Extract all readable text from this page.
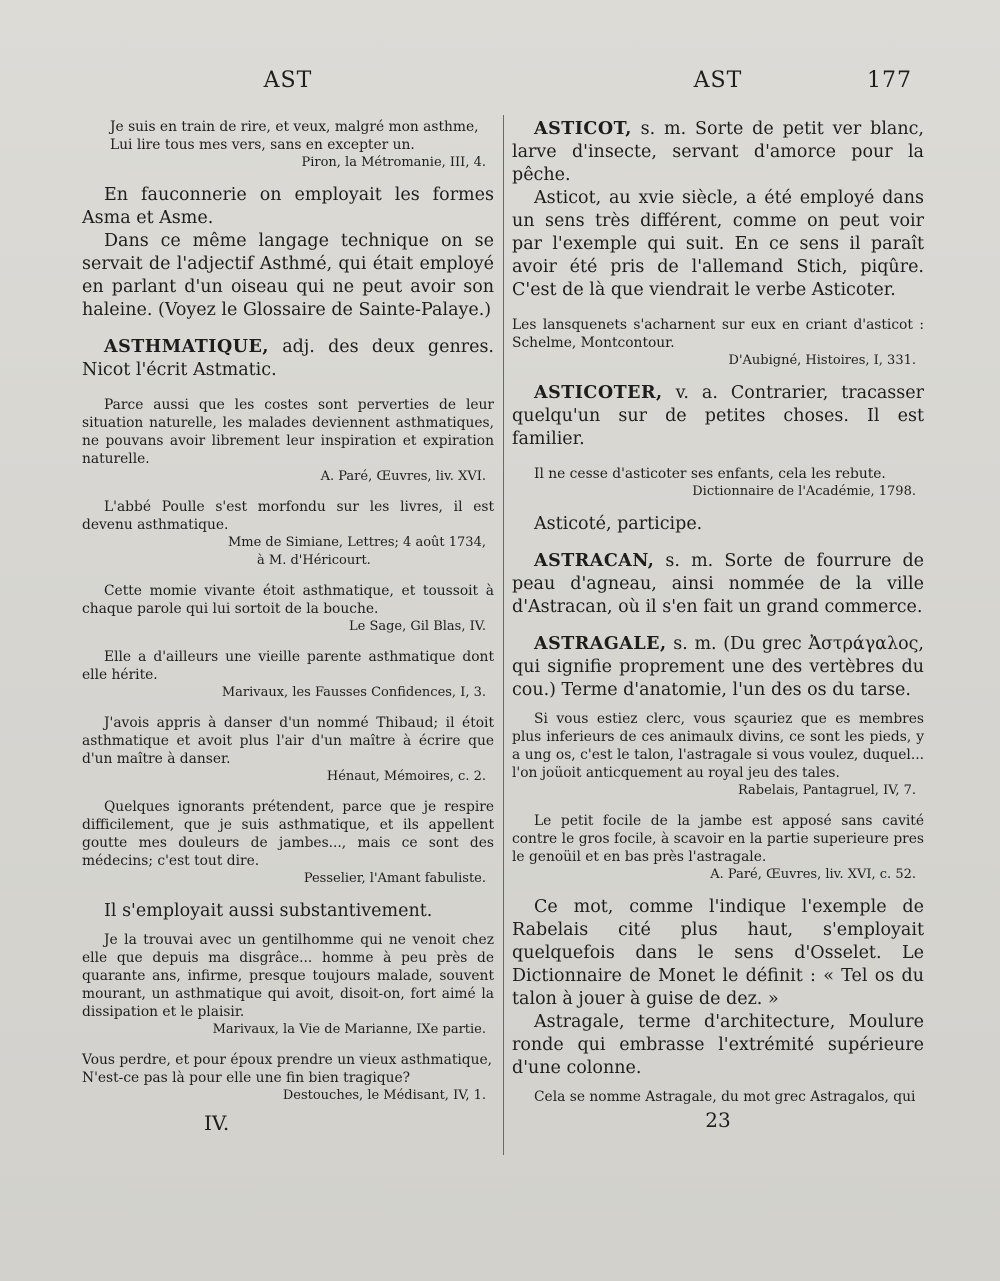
AST

Je suis en train de rire, et veux, malgré mon asthme,

Lui lire tous mes vers, sans en excepter un.

Piron, la Métromanie, III, 4.

En fauconnerie on employait les formes Asma et Asme.

Dans ce même langage technique on se servait de l'adjectif Asthmé, qui était employé en parlant d'un oiseau qui ne peut avoir son haleine. (Voyez le Glossaire de Sainte-Palaye.)

ASTHMATIQUE, adj. des deux genres. Nicot l'écrit Astmatic.

Parce aussi que les costes sont perverties de leur situation naturelle, les malades deviennent asthmatiques, ne pouvans avoir librement leur inspiration et expiration naturelle.

A. Paré, Œuvres, liv. XVI.

L'abbé Poulle s'est morfondu sur les livres, il est devenu asthmatique.

Mme de Simiane, Lettres; 4 août 1734,

à M. d'Héricourt.

Cette momie vivante étoit asthmatique, et toussoit à chaque parole qui lui sortoit de la bouche.

Le Sage, Gil Blas, IV.

Elle a d'ailleurs une vieille parente asthmatique dont elle hérite.

Marivaux, les Fausses Confidences, I, 3.

J'avois appris à danser d'un nommé Thibaud; il étoit asthmatique et avoit plus l'air d'un maître à écrire que d'un maître à danser.

Hénaut, Mémoires, c. 2.

Quelques ignorants prétendent, parce que je respire difficilement, que je suis asthmatique, et ils appellent goutte mes douleurs de jambes..., mais ce sont des médecins; c'est tout dire.

Pesselier, l'Amant fabuliste.

Il s'employait aussi substantivement.

Je la trouvai avec un gentilhomme qui ne venoit chez elle que depuis ma disgrâce... homme à peu près de quarante ans, infirme, presque toujours malade, souvent mourant, un asthmatique qui avoit, disoit-on, fort aimé la dissipation et le plaisir.

Marivaux, la Vie de Marianne, IXe partie.

Vous perdre, et pour époux prendre un vieux asthmatique,

N'est-ce pas là pour elle une fin bien tragique?

Destouches, le Médisant, IV, 1.

IV.
AST	177

ASTICOT, s. m. Sorte de petit ver blanc, larve d'insecte, servant d'amorce pour la pêche.

Asticot, au xvie siècle, a été employé dans un sens très différent, comme on peut voir par l'exemple qui suit. En ce sens il paraît avoir été pris de l'allemand Stich, piqûre. C'est de là que viendrait le verbe Asticoter.

Les lansquenets s'acharnent sur eux en criant d'asticot : Schelme, Montcontour.

D'Aubigné, Histoires, I, 331.

ASTICOTER, v. a. Contrarier, tracasser quelqu'un sur de petites choses. Il est familier.

Il ne cesse d'asticoter ses enfants, cela les rebute.

Dictionnaire de l'Académie, 1798.

Asticoté, participe.

ASTRACAN, s. m. Sorte de fourrure de peau d'agneau, ainsi nommée de la ville d'Astracan, où il s'en fait un grand commerce.

ASTRAGALE, s. m. (Du grec Ἀστράγαλος, qui signifie proprement une des vertèbres du cou.) Terme d'anatomie, l'un des os du tarse.

Si vous estiez clerc, vous sçauriez que es membres plus inferieurs de ces animaulx divins, ce sont les pieds, y a ung os, c'est le talon, l'astragale si vous voulez, duquel... l'on joüoit anticquement au royal jeu des tales.

Rabelais, Pantagruel, IV, 7.

Le petit focile de la jambe est apposé sans cavité contre le gros focile, à scavoir en la partie superieure pres le genoüil et en bas près l'astragale.

A. Paré, Œuvres, liv. XVI, c. 52.

Ce mot, comme l'indique l'exemple de Rabelais cité plus haut, s'employait quelquefois dans le sens d'Osselet. Le Dictionnaire de Monet le définit : « Tel os du talon à jouer à guise de dez. »

Astragale, terme d'architecture, Moulure ronde qui embrasse l'extrémité supérieure d'une colonne.

Cela se nomme Astragale, du mot grec Astragalos, qui

23
